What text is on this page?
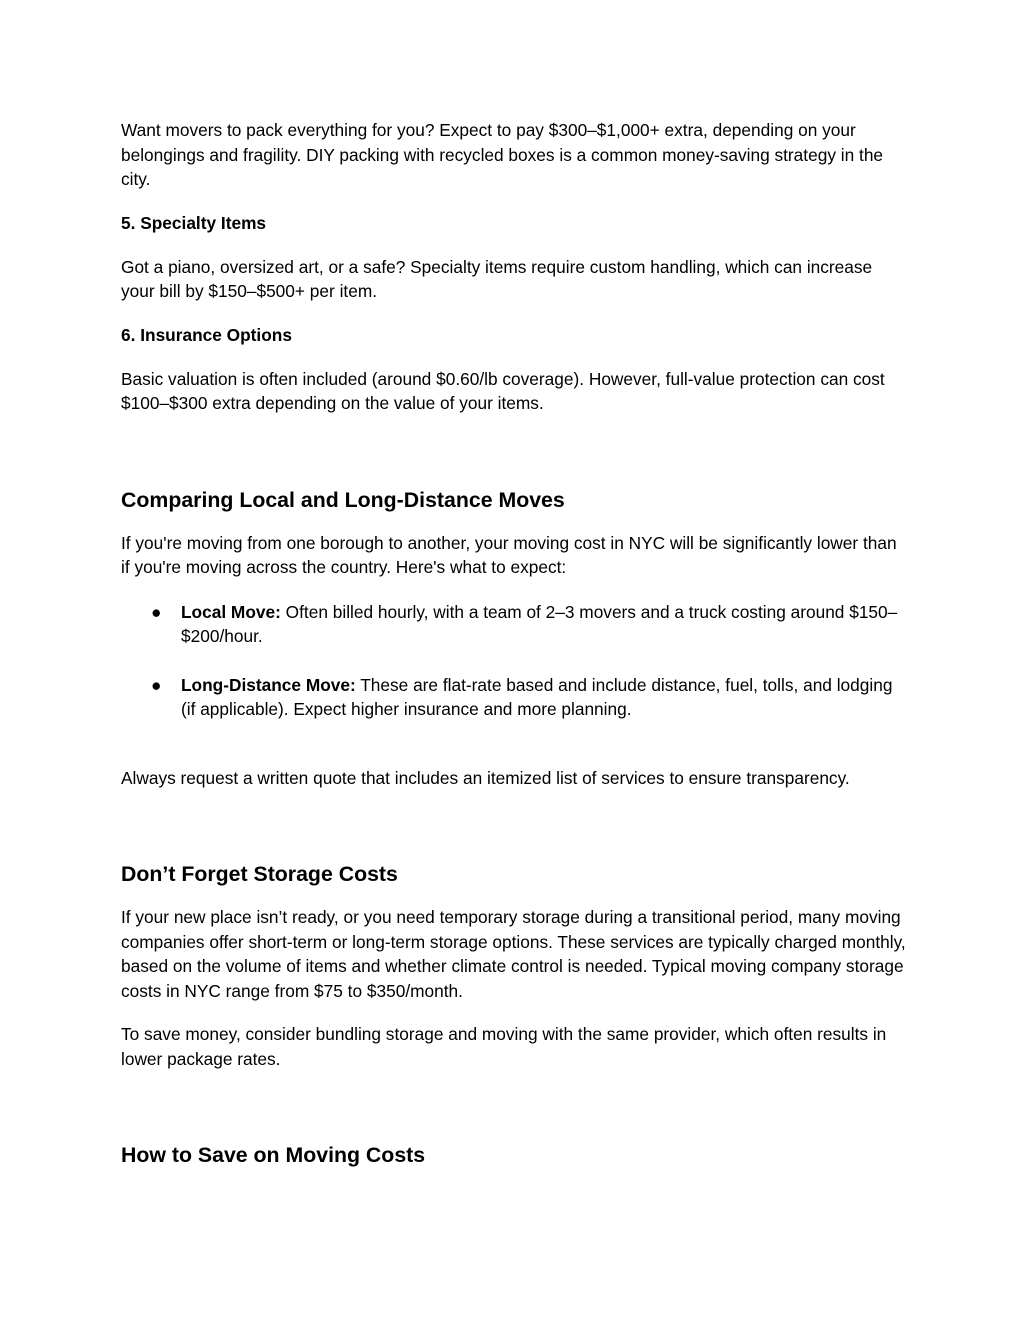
Want movers to pack everything for you? Expect to pay $300–$1,000+ extra, depending on your belongings and fragility. DIY packing with recycled boxes is a common money-saving strategy in the city.

5. Specialty Items

Got a piano, oversized art, or a safe? Specialty items require custom handling, which can increase your bill by $150–$500+ per item.

6. Insurance Options

Basic valuation is often included (around $0.60/lb coverage). However, full-value protection can cost $100–$300 extra depending on the value of your items.

Comparing Local and Long-Distance Moves

If you're moving from one borough to another, your moving cost in NYC will be significantly lower than if you're moving across the country. Here's what to expect:

● Local Move: Often billed hourly, with a team of 2–3 movers and a truck costing around $150–$200/hour.
● Long-Distance Move: These are flat-rate based and include distance, fuel, tolls, and lodging (if applicable). Expect higher insurance and more planning.

Always request a written quote that includes an itemized list of services to ensure transparency.

Don’t Forget Storage Costs

If your new place isn’t ready, or you need temporary storage during a transitional period, many moving companies offer short-term or long-term storage options. These services are typically charged monthly, based on the volume of items and whether climate control is needed. Typical moving company storage costs in NYC range from $75 to $350/month.

To save money, consider bundling storage and moving with the same provider, which often results in lower package rates.

How to Save on Moving Costs
